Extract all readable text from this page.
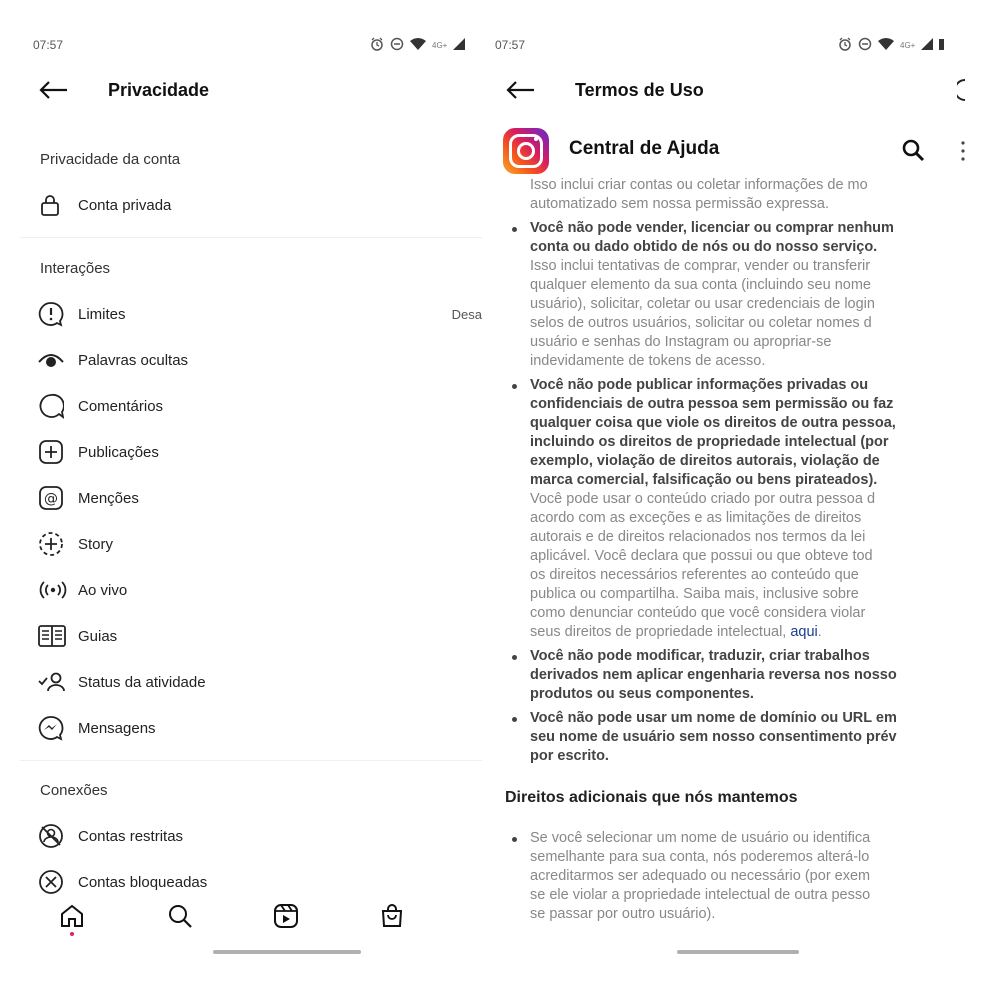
07:57	4G+
Privacidade
Privacidade da conta
Conta privada
Interações
Limites	Desa
Palavras ocultas
Comentários
Publicações
@ Menções
Story
Ao vivo
Guias
Status da atividade
Mensagens
Conexões
Contas restritas
Contas bloqueadas
07:57	4G+
Termos de Uso
Central de Ajuda
Isso inclui criar contas ou coletar informações de mo
automatizado sem nossa permissão expressa.
Você não pode vender, licenciar ou comprar nenhum
conta ou dado obtido de nós ou do nosso serviço.
Isso inclui tentativas de comprar, vender ou transferir
qualquer elemento da sua conta (incluindo seu nome
usuário), solicitar, coletar ou usar credenciais de login
selos de outros usuários, solicitar ou coletar nomes d
usuário e senhas do Instagram ou apropriar-se
indevidamente de tokens de acesso.
Você não pode publicar informações privadas ou
confidenciais de outra pessoa sem permissão ou faz
qualquer coisa que viole os direitos de outra pessoa,
incluindo os direitos de propriedade intelectual (por
exemplo, violação de direitos autorais, violação de
marca comercial, falsificação ou bens pirateados).
Você pode usar o conteúdo criado por outra pessoa d
acordo com as exceções e as limitações de direitos
autorais e de direitos relacionados nos termos da lei
aplicável. Você declara que possui ou que obteve tod
os direitos necessários referentes ao conteúdo que
publica ou compartilha. Saiba mais, inclusive sobre
como denunciar conteúdo que você considera violar
seus direitos de propriedade intelectual, aqui.
Você não pode modificar, traduzir, criar trabalhos
derivados nem aplicar engenharia reversa nos nosso
produtos ou seus componentes.
Você não pode usar um nome de domínio ou URL em
seu nome de usuário sem nosso consentimento prév
por escrito.
Direitos adicionais que nós mantemos
Se você selecionar um nome de usuário ou identifica
semelhante para sua conta, nós poderemos alterá-lo
acreditarmos ser adequado ou necessário (por exem
se ele violar a propriedade intelectual de outra pesso
se passar por outro usuário).
